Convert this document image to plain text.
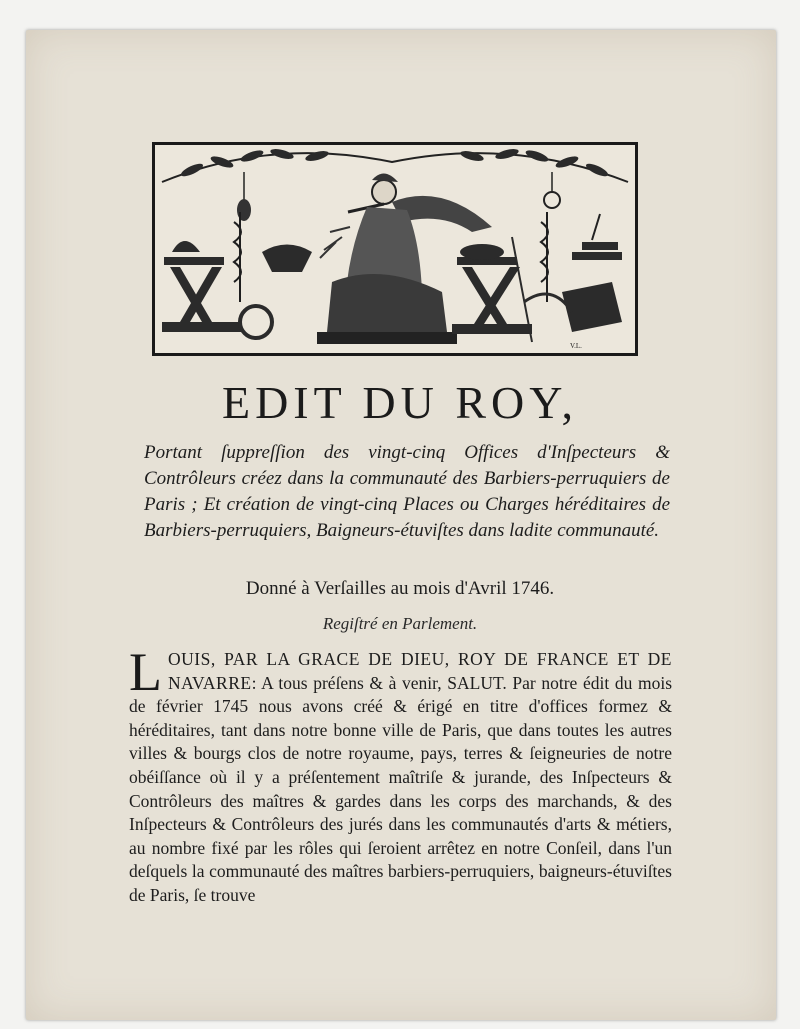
V.L.
EDIT DU ROY,

Portant ſuppreſſion des vingt-cinq Offices d'Inſpecteurs & Contrôleurs créez dans la communauté des Barbiers-perruquiers de Paris ; Et création de vingt-cinq Places ou Charges héréditaires de Barbiers-perruquiers, Baigneurs-étuviſtes dans ladite communauté.

Donné à Verſailles au mois d'Avril 1746.

Regiſtré en Parlement.

LOUIS, PAR LA GRACE DE DIEU, ROY DE FRANCE ET DE NAVARRE: A tous préſens & à venir, SALUT. Par notre édit du mois de février 1745 nous avons créé & érigé en titre d'offices formez & héréditaires, tant dans notre bonne ville de Paris, que dans toutes les autres villes & bourgs clos de notre royaume, pays, terres & ſeigneuries de notre obéiſſance où il y a préſentement maîtriſe & jurande, des Inſpecteurs & Contrôleurs des maîtres & gardes dans les corps des marchands, & des Inſpecteurs & Contrôleurs des jurés dans les communautés d'arts & métiers, au nombre fixé par les rôles qui ſeroient arrêtez en notre Conſeil, dans l'un deſquels la communauté des maîtres barbiers-perruquiers, baigneurs-étuviſtes de Paris, ſe trouve
